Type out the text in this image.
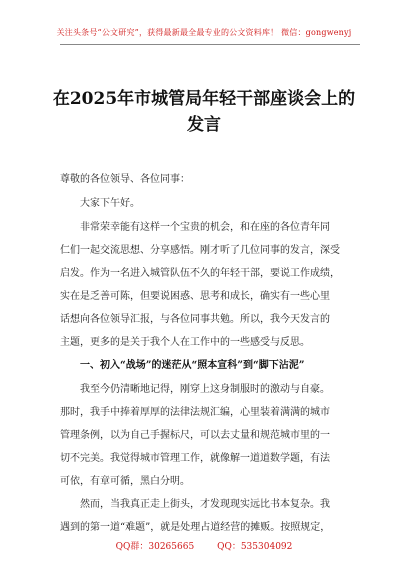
关注头条号“公文研究”，获得最新最全最专业的公文资料库！ 微信：gongwenyj
在2025年市城管局年轻干部座谈会上的
发言
尊敬的各位领导、各位同事：
大家下午好。
非常荣幸能有这样一个宝贵的机会，和在座的各位青年同
仁们一起交流思想、分享感悟。刚才听了几位同事的发言，深受
启发。作为一名进入城管队伍不久的年轻干部，要说工作成绩，
实在是乏善可陈，但要说困惑、思考和成长，确实有一些心里
话想向各位领导汇报，与各位同事共勉。所以，我今天发言的
主题，更多的是关于我个人在工作中的一些感受与反思。
一、初入“战场”的迷茫从“照本宣科”到“脚下沾泥”
我至今仍清晰地记得，刚穿上这身制服时的激动与自豪。
那时，我手中捧着厚厚的法律法规汇编，心里装着满满的城市
管理条例，以为自己手握标尺，可以去丈量和规范城市里的一
切不完美。我觉得城市管理工作，就像解一道道数学题，有法
可依，有章可循，黑白分明。
然而，当我真正走上街头，才发现现实远比书本复杂。我
遇到的第一道“难题”，就是处理占道经营的摊贩。按照规定，
QQ群：30265665	QQ：535304092
